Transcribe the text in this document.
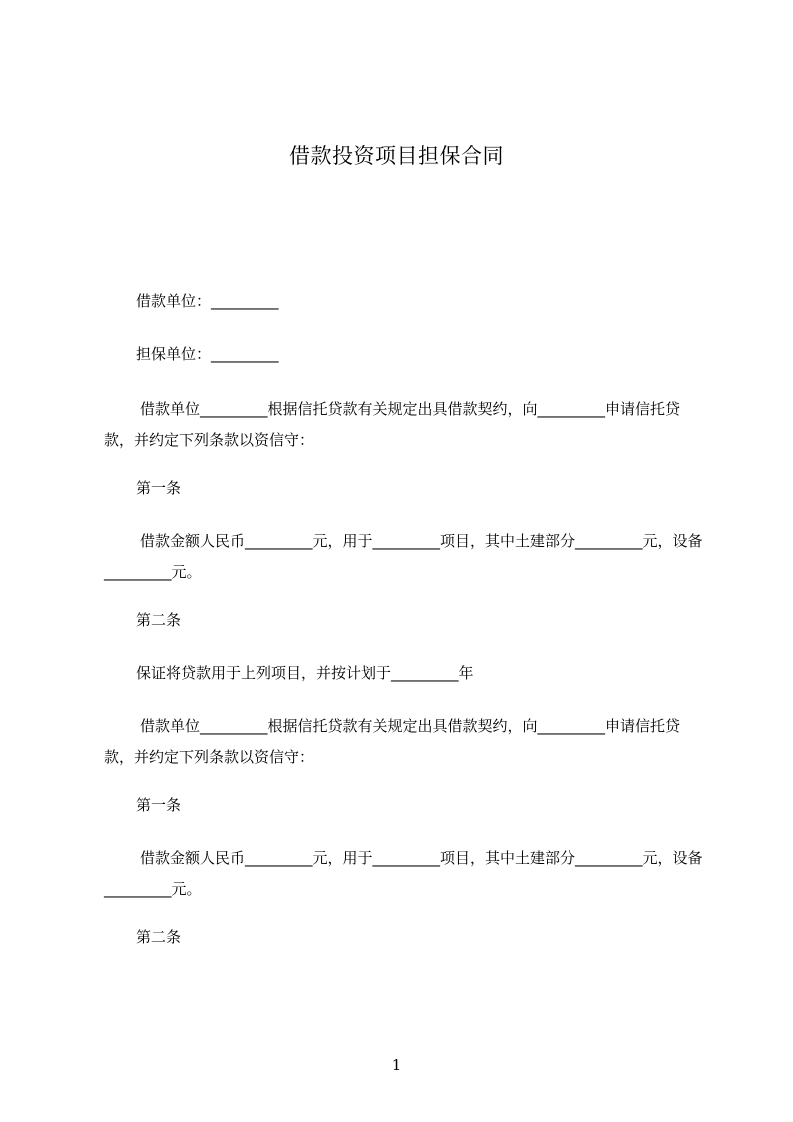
借款投资项目担保合同
借款单位：_________
担保单位：_________
借款单位_________根据信托贷款有关规定出具借款契约，向_________申请信托贷款，并约定下列条款以资信守：
第一条
借款金额人民币_________元，用于_________项目，其中土建部分_________元，设备_________元。
第二条
保证将贷款用于上列项目，并按计划于_________年
借款单位_________根据信托贷款有关规定出具借款契约，向_________申请信托贷款，并约定下列条款以资信守：
第一条
借款金额人民币_________元，用于_________项目，其中土建部分_________元，设备_________元。
第二条
1
